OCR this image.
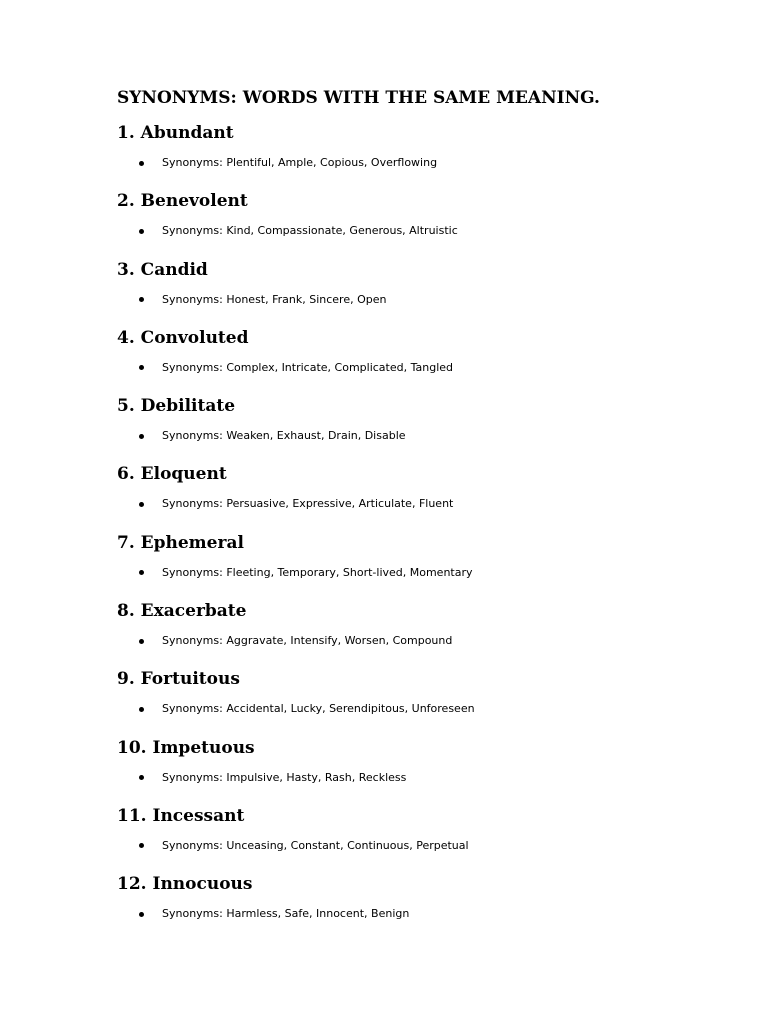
SYNONYMS: WORDS WITH THE SAME MEANING.
1. Abundant
Synonyms: Plentiful, Ample, Copious, Overflowing
2. Benevolent
Synonyms: Kind, Compassionate, Generous, Altruistic
3. Candid
Synonyms: Honest, Frank, Sincere, Open
4. Convoluted
Synonyms: Complex, Intricate, Complicated, Tangled
5. Debilitate
Synonyms: Weaken, Exhaust, Drain, Disable
6. Eloquent
Synonyms: Persuasive, Expressive, Articulate, Fluent
7. Ephemeral
Synonyms: Fleeting, Temporary, Short-lived, Momentary
8. Exacerbate
Synonyms: Aggravate, Intensify, Worsen, Compound
9. Fortuitous
Synonyms: Accidental, Lucky, Serendipitous, Unforeseen
10. Impetuous
Synonyms: Impulsive, Hasty, Rash, Reckless
11. Incessant
Synonyms: Unceasing, Constant, Continuous, Perpetual
12. Innocuous
Synonyms: Harmless, Safe, Innocent, Benign
